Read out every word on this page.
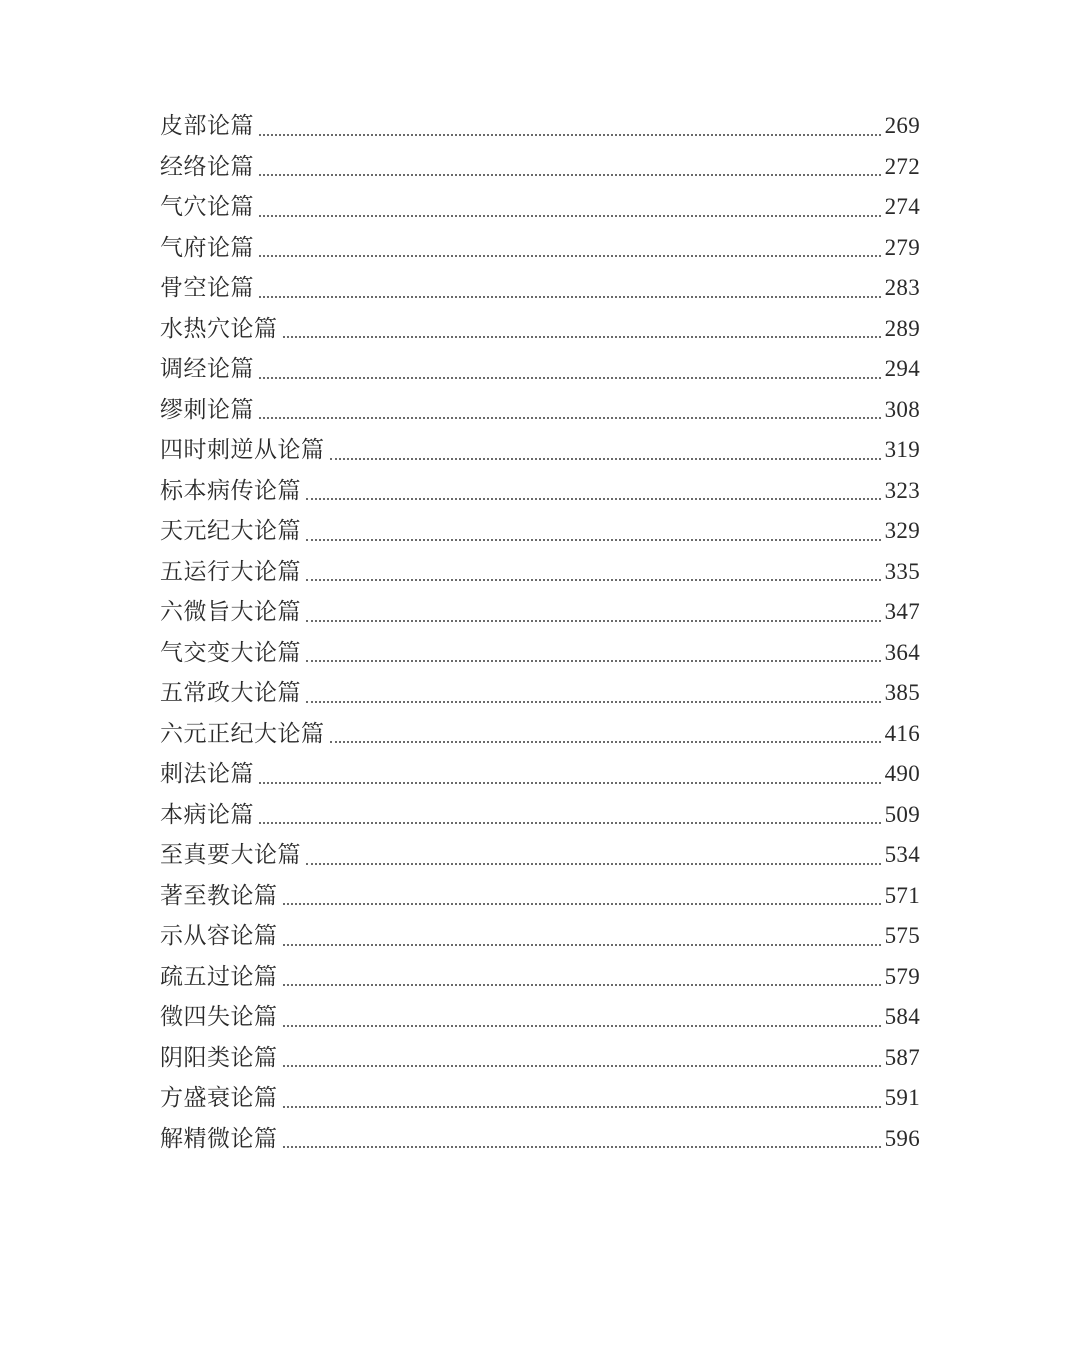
皮部论篇	269
经络论篇	272
气穴论篇	274
气府论篇	279
骨空论篇	283
水热穴论篇	289
调经论篇	294
缪刺论篇	308
四时刺逆从论篇	319
标本病传论篇	323
天元纪大论篇	329
五运行大论篇	335
六微旨大论篇	347
气交变大论篇	364
五常政大论篇	385
六元正纪大论篇	416
刺法论篇	490
本病论篇	509
至真要大论篇	534
著至教论篇	571
示从容论篇	575
疏五过论篇	579
徵四失论篇	584
阴阳类论篇	587
方盛衰论篇	591
解精微论篇	596
